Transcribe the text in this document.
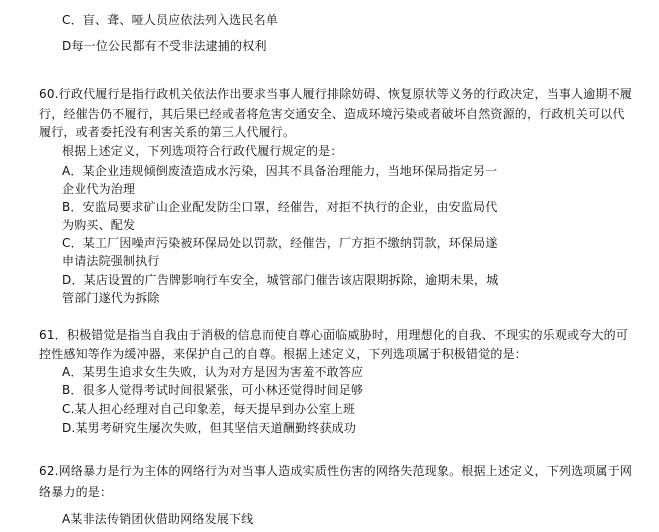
C．盲、聋、哑人员应依法列入选民名单
D每一位公民都有不受非法逮捕的权利
60.行政代履行是指行政机关依法作出要求当事人履行排除妨碍、恢复原状等义务的行政决定，当事人逾期不履
行，经催告仍不履行，其后果已经或者将危害交通安全、造成环境污染或者破坏自然资源的，行政机关可以代
履行，或者委托没有利害关系的第三人代履行。
根据上述定义，下列选项符合行政代履行规定的是：
A．某企业违规倾倒废渣造成水污染，因其不具备治理能力，当地环保局指定另一
企业代为治理
B．安监局要求矿山企业配发防尘口罩，经催告，对拒不执行的企业，由安监局代
为购买、配发
C．某工厂因噪声污染被环保局处以罚款，经催告，厂方拒不缴纳罚款，环保局遂
申请法院强制执行
D．某店设置的广告牌影响行车安全，城管部门催告该店限期拆除，逾期未果，城
管部门遂代为拆除
61．积极错觉是指当自我由于消极的信息而使自尊心面临威胁时，用理想化的自我、不现实的乐观或夸大的可
控性感知等作为缓冲器，来保护自己的自尊。根据上述定义，下列选项属于积极错觉的是：
A．某男生追求女生失败，认为对方是因为害羞不敢答应
B．很多人觉得考试时间很紧张，可小林还觉得时间足够
C.某人担心经理对自己印象差，每天提早到办公室上班
D.某男考研究生屡次失败，但其坚信天道酬勤终获成功
62.网络暴力是行为主体的网络行为对当事人造成实质性伤害的网络失范现象。根据上述定义，下列选项属于网
络暴力的是：
A某非法传销团伙借助网络发展下线
